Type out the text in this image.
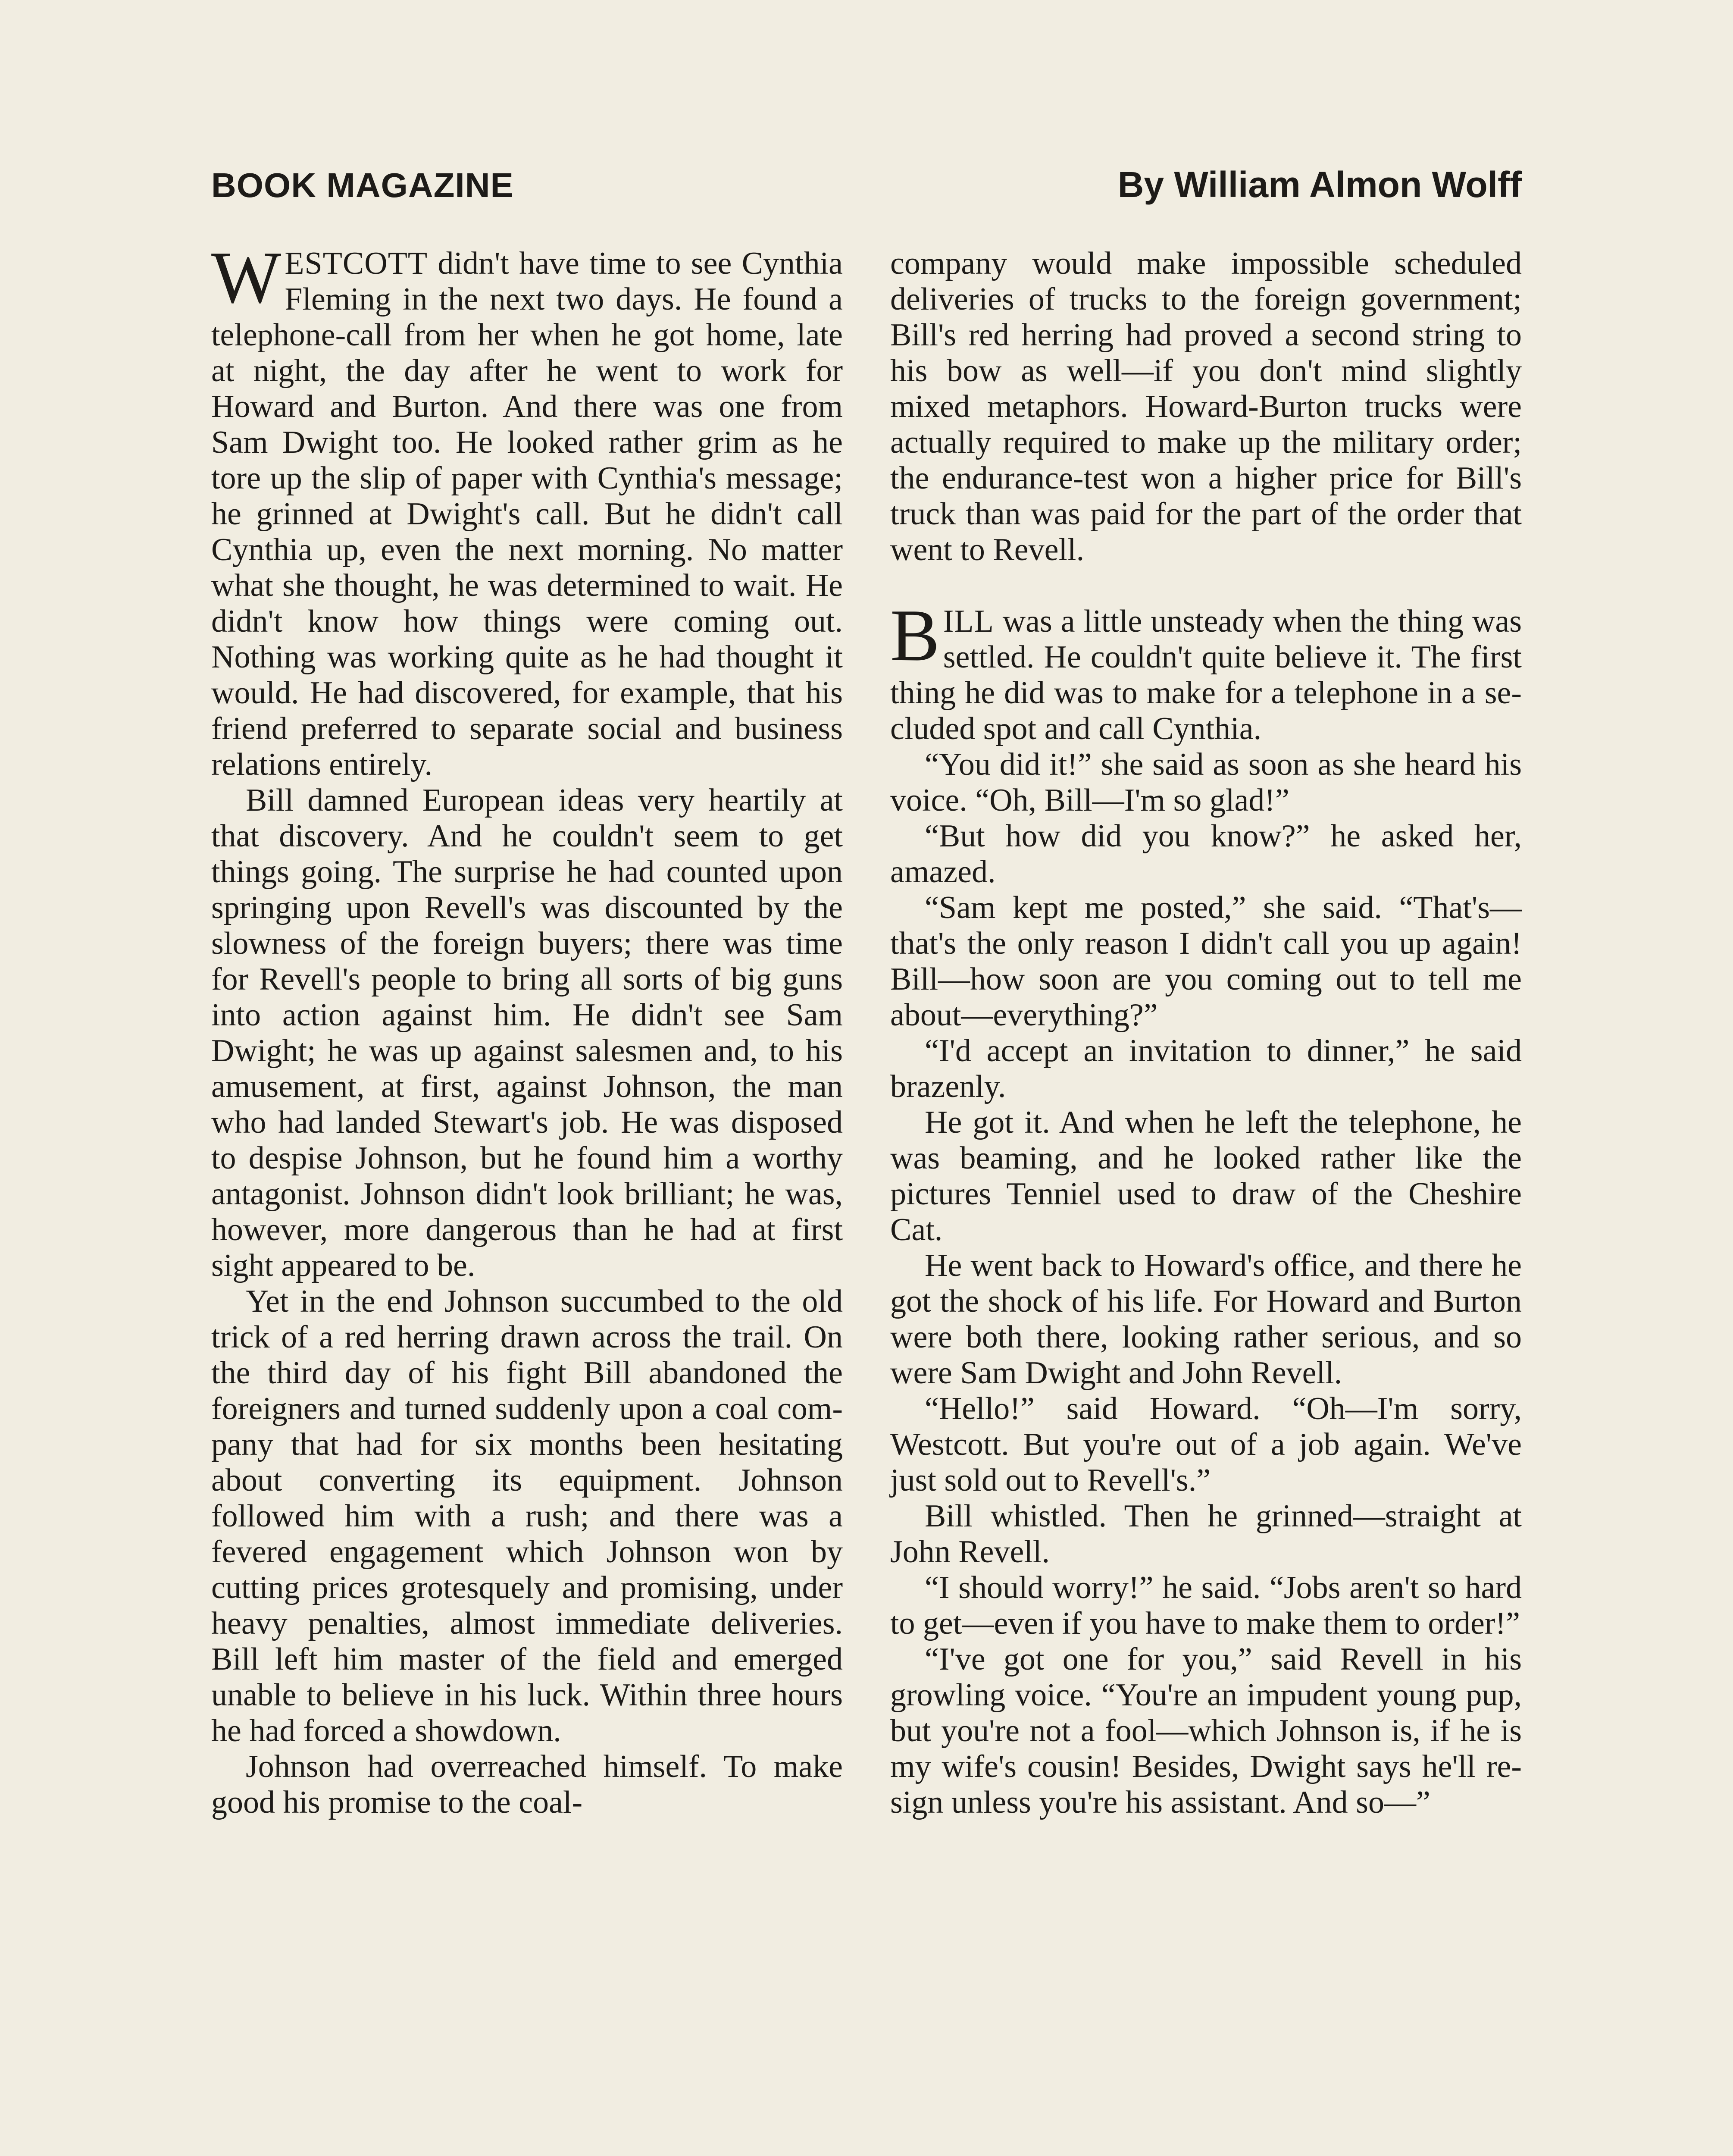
BOOK MAGAZINE	By William Almon Wolff

WESTCOTT didn't have time to see Cynthia Fleming in the next two days. He found a telephone-call from her when he got home, late at night, the day after he went to work for Howard and Burton. And there was one from Sam Dwight too. He looked rather grim as he tore up the slip of paper with Cynthia's message; he grinned at Dwight's call. But he didn't call Cynthia up, even the next morning. No matter what she thought, he was determined to wait. He didn't know how things were coming out. Nothing was working quite as he had thought it would. He had discovered, for example, that his friend preferred to separate social and business relations entirely.

Bill damned European ideas very heartily at that discovery. And he couldn't seem to get things going. The surprise he had counted upon springing upon Revell's was discounted by the slowness of the foreign buyers; there was time for Revell's people to bring all sorts of big guns into action against him. He didn't see Sam Dwight; he was up against salesmen and, to his amusement, at first, against Johnson, the man who had landed Stewart's job. He was disposed to despise Johnson, but he found him a worthy antagonist. Johnson didn't look brilliant; he was, however, more dangerous than he had at first sight appeared to be.

Yet in the end Johnson succumbed to the old trick of a red herring drawn across the trail. On the third day of his fight Bill abandoned the foreigners and turned suddenly upon a coal company that had for six months been hesitating about converting its equipment. Johnson followed him with a rush; and there was a fevered engagement which Johnson won by cutting prices grotesquely and promising, under heavy penalties, almost immediate deliveries. Bill left him master of the field and emerged unable to believe in his luck. Within three hours he had forced a showdown.

Johnson had overreached himself. To make good his promise to the coal-

company would make impossible scheduled deliveries of trucks to the foreign government; Bill's red herring had proved a second string to his bow as well—if you don't mind slightly mixed metaphors. Howard-Burton trucks were actually required to make up the military order; the endurance-test won a higher price for Bill's truck than was paid for the part of the order that went to Revell.

BILL was a little unsteady when the thing was settled. He couldn't quite believe it. The first thing he did was to make for a telephone in a secluded spot and call Cynthia.

“You did it!” she said as soon as she heard his voice. “Oh, Bill—I'm so glad!”

“But how did you know?” he asked her, amazed.

“Sam kept me posted,” she said. “That's—that's the only reason I didn't call you up again! Bill—how soon are you coming out to tell me about—everything?”

“I'd accept an invitation to dinner,” he said brazenly.

He got it. And when he left the telephone, he was beaming, and he looked rather like the pictures Tenniel used to draw of the Cheshire Cat.

He went back to Howard's office, and there he got the shock of his life. For Howard and Burton were both there, looking rather serious, and so were Sam Dwight and John Revell.

“Hello!” said Howard. “Oh—I'm sorry, Westcott. But you're out of a job again. We've just sold out to Revell's.”

Bill whistled. Then he grinned—straight at John Revell.

“I should worry!” he said. “Jobs aren't so hard to get—even if you have to make them to order!”

“I've got one for you,” said Revell in his growling voice. “You're an impudent young pup, but you're not a fool—which Johnson is, if he is my wife's cousin! Besides, Dwight says he'll resign unless you're his assistant. And so—”
